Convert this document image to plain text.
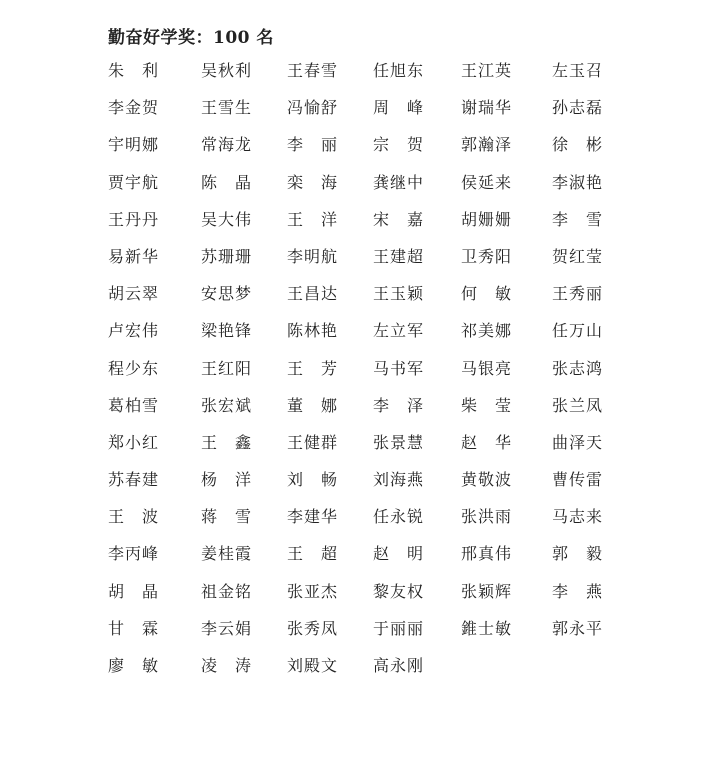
勤奋好学奖：100 名
朱　利	吴秋利	王春雪	任旭东	王江英	左玉召
李金贺	王雪生	冯愉舒	周　峰	谢瑞华	孙志磊
宇明娜	常海龙	李　丽	宗　贺	郭瀚泽	徐　彬
贾宇航	陈　晶	栾　海	龚继中	侯延来	李淑艳
王丹丹	吴大伟	王　洋	宋　嘉	胡姗姗	李　雪
易新华	苏珊珊	李明航	王建超	卫秀阳	贺红莹
胡云翠	安思梦	王昌达	王玉颖	何　敏	王秀丽
卢宏伟	梁艳锋	陈林艳	左立军	祁美娜	任万山
程少东	王红阳	王　芳	马书军	马银亮	张志鸿
葛柏雪	张宏斌	董　娜	李　泽	柴　莹	张兰凤
郑小红	王　鑫	王健群	张景慧	赵　华	曲泽天
苏春建	杨　洋	刘　畅	刘海燕	黄敬波	曹传雷
王　波	蒋　雪	李建华	任永锐	张洪雨	马志来
李丙峰	姜桂霞	王　超	赵　明	邢真伟	郭　毅
胡　晶	祖金铭	张亚杰	黎友权	张颖辉	李　燕
甘　霖	李云娟	张秀凤	于丽丽	錐士敏	郭永平
廖　敏	凌　涛	刘殿文	高永刚
